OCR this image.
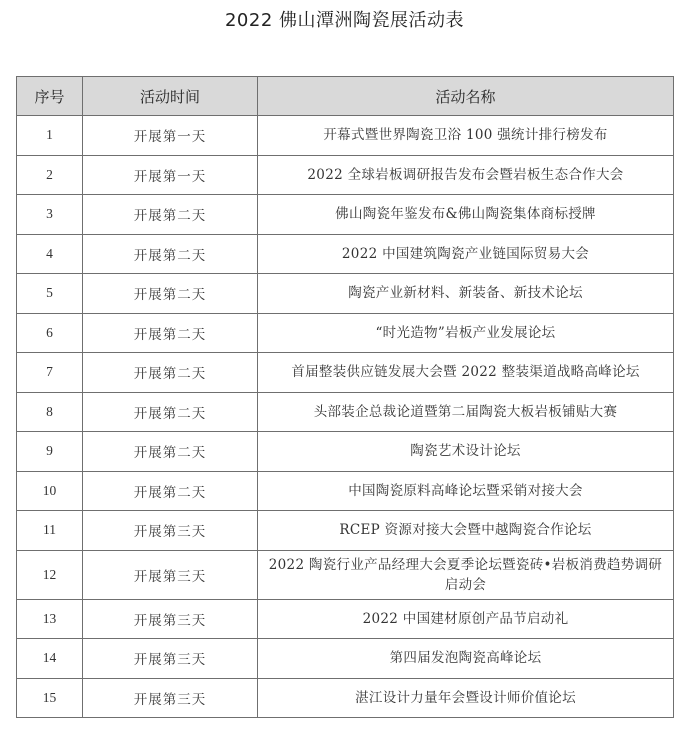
2022 佛山潭洲陶瓷展活动表
序号	活动时间	活动名称
1	开展第一天	开幕式暨世界陶瓷卫浴 100 强统计排行榜发布
2	开展第一天	2022 全球岩板调研报告发布会暨岩板生态合作大会
3	开展第二天	佛山陶瓷年鉴发布&佛山陶瓷集体商标授牌
4	开展第二天	2022 中国建筑陶瓷产业链国际贸易大会
5	开展第二天	陶瓷产业新材料、新装备、新技术论坛
6	开展第二天	“时光造物”岩板产业发展论坛
7	开展第二天	首届整装供应链发展大会暨 2022 整装渠道战略高峰论坛
8	开展第二天	头部装企总裁论道暨第二届陶瓷大板岩板铺贴大赛
9	开展第二天	陶瓷艺术设计论坛
10	开展第二天	中国陶瓷原料高峰论坛暨采销对接大会
11	开展第三天	RCEP 资源对接大会暨中越陶瓷合作论坛
12	开展第三天	2022 陶瓷行业产品经理大会夏季论坛暨瓷砖•岩板消费趋势调研启动会
13	开展第三天	2022 中国建材原创产品节启动礼
14	开展第三天	第四届发泡陶瓷高峰论坛
15	开展第三天	湛江设计力量年会暨设计师价值论坛
